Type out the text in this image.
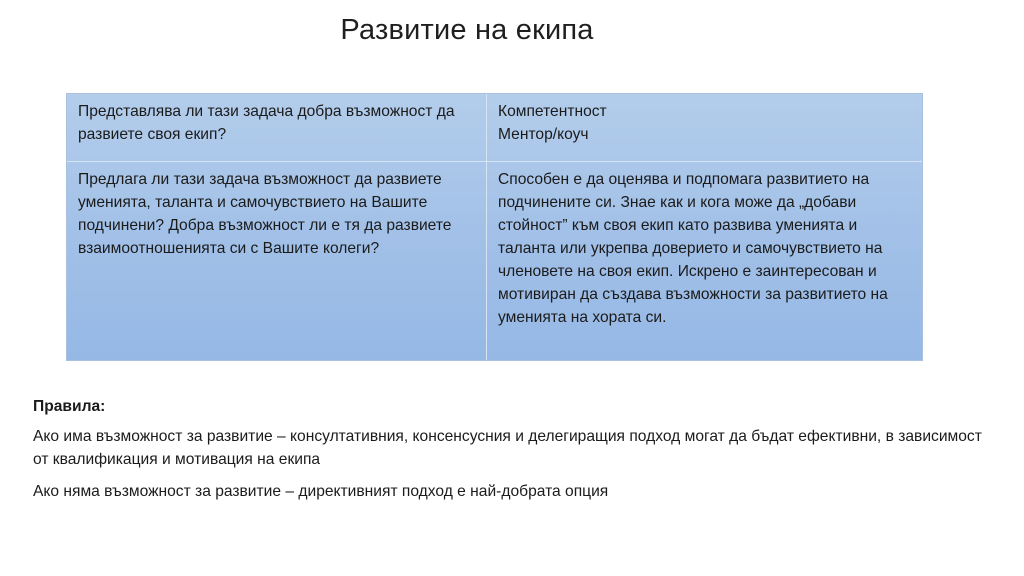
Развитие на екипа
Представлява ли тази задача добра възможност да развиете своя екип?
Компетентност
Ментор/коуч
Предлага ли тази задача възможност да развиете уменията, таланта и самочувствието на Вашите подчинени? Добра възможност ли е тя да развиете взаимоотношенията си с Вашите колеги?
Способен е да оценява и подпомага развитието на подчинените си. Знае как и кога може да „добави стойност” към своя екип като развива уменията и таланта или укрепва доверието и самочувствието на членовете на своя екип. Искрено е заинтересован и мотивиран да създава възможности за развитието на уменията на хората си.
Правила:

Ако има възможност за развитие – консултативния, консенсусния и делегиращия подход могат да бъдат ефективни, в зависимост от квалификация и мотивация на екипа

Ако няма възможност за развитие – директивният подход е най-добрата опция
